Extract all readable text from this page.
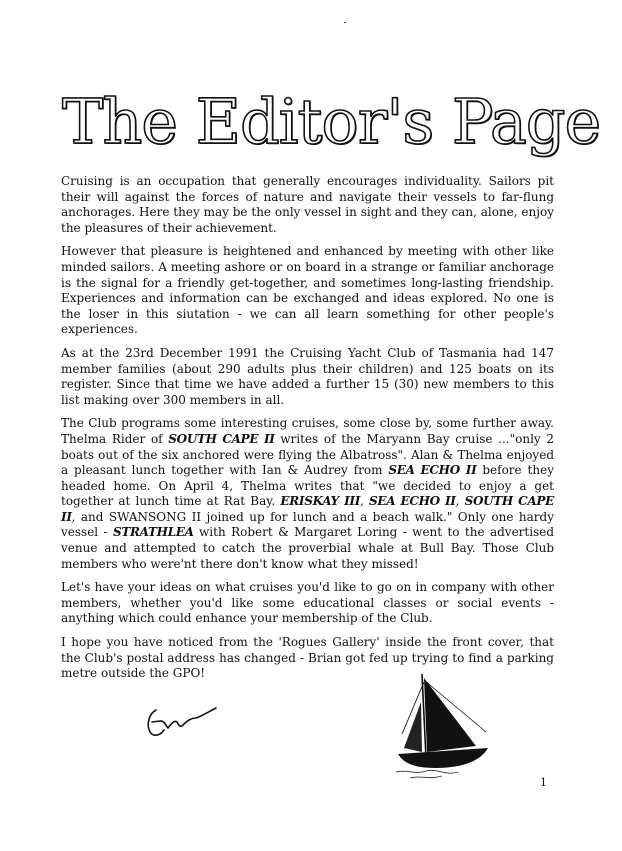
The Editor's Page

Cruising is an occupation that generally encourages individuality. Sailors pit their will against the forces of nature and navigate their vessels to far-flung anchorages. Here they may be the only vessel in sight and they can, alone, enjoy the pleasures of their achievement.

However that pleasure is heightened and enhanced by meeting with other like minded sailors. A meeting ashore or on board in a strange or familiar anchorage is the signal for a friendly get-together, and sometimes long-lasting friendship. Experiences and information can be exchanged and ideas explored. No one is the loser in this siutation - we can all learn something for other people's experiences.

As at the 23rd December 1991 the Cruising Yacht Club of Tasmania had 147 member families (about 290 adults plus their children) and 125 boats on its register. Since that time we have added a further 15 (30) new members to this list making over 300 members in all.

The Club programs some interesting cruises, some close by, some further away. Thelma Rider of SOUTH CAPE II writes of the Maryann Bay cruise ..."only 2 boats out of the six anchored were flying the Albatross". Alan & Thelma enjoyed a pleasant lunch together with Ian & Audrey from SEA ECHO II before they headed home. On April 4, Thelma writes that "we decided to enjoy a get together at lunch time at Rat Bay. ERISKAY III, SEA ECHO II, SOUTH CAPE II, and SWANSONG II joined up for lunch and a beach walk." Only one hardy vessel - STRATHLEA with Robert & Margaret Loring - went to the advertised venue and attempted to catch the proverbial whale at Bull Bay. Those Club members who were'nt there don't know what they missed!

Let's have your ideas on what cruises you'd like to go on in company with other members, whether you'd like some educational classes or social events - anything which could enhance your membership of the Club.

I hope you have noticed from the 'Rogues Gallery' inside the front cover, that the Club's postal address has changed - Brian got fed up trying to find a parking metre outside the GPO!

1
